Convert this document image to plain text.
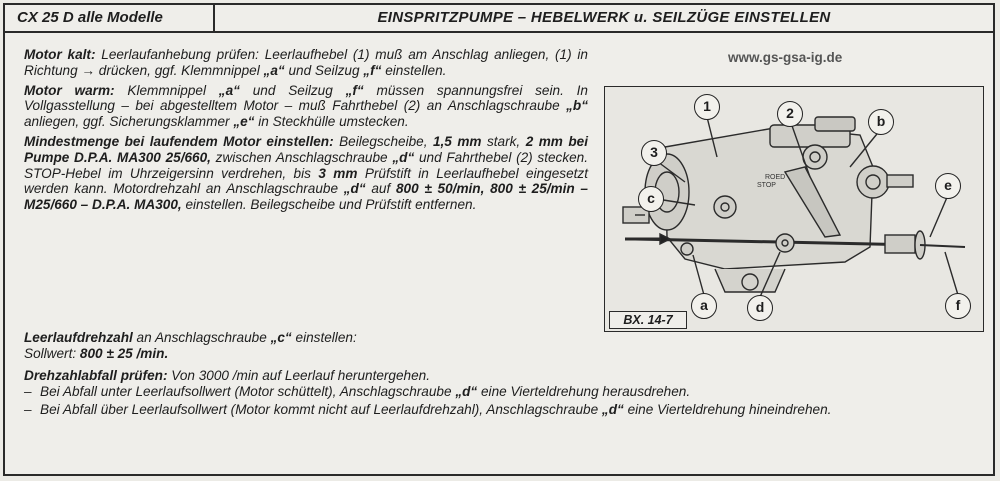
CX 25 D alle Modelle	EINSPRITZPUMPE – HEBELWERK u. SEILZÜGE EINSTELLEN

Motor kalt: Leerlaufanhebung prüfen: Leerlaufhebel (1) muß am Anschlag anliegen, (1) in Richtung → drücken, ggf. Klemmnippel „a“ und Seilzug „f“ einstellen.

Motor warm: Klemmnippel „a“ und Seilzug „f“ müssen spannungsfrei sein. In Vollgasstellung – bei abgestelltem Motor – muß Fahrthebel (2) an Anschlagschraube „b“ anliegen, ggf. Sicherungsklammer „e“ in Steckhülle umstecken.

Mindestmenge bei laufendem Motor einstellen: Beilegscheibe, 1,5 mm stark, 2 mm bei Pumpe D.P.A. MA300 25/660, zwischen Anschlagschraube „d“ und Fahrthebel (2) stecken. STOP-Hebel im Uhrzeigersinn verdrehen, bis 3 mm Prüfstift in Leerlaufhebel eingesetzt werden kann. Motordrehzahl an Anschlagschraube „d“ auf 800 ± 50/min, 800 ± 25/min – M25/660 – D.P.A. MA300, einstellen. Beilegscheibe und Prüfstift entfernen.

Leerlaufdrehzahl an Anschlagschraube „c“ einstellen:
Sollwert: 800 ± 25 /min.

Drehzahlabfall prüfen: Von 3000 /min auf Leerlauf heruntergehen.

– Bei Abfall unter Leerlaufsollwert (Motor schüttelt), Anschlagschraube „d“ eine Vierteldrehung herausdrehen.
– Bei Abfall über Leerlaufsollwert (Motor kommt nicht auf Leerlaufdrehzahl), Anschlagschraube „d“ eine Vierteldrehung hineindrehen.
www.gs-gsa-ig.de
STOP
ROED
1	2
3
b
c
e
a	d	f
BX. 14-7
